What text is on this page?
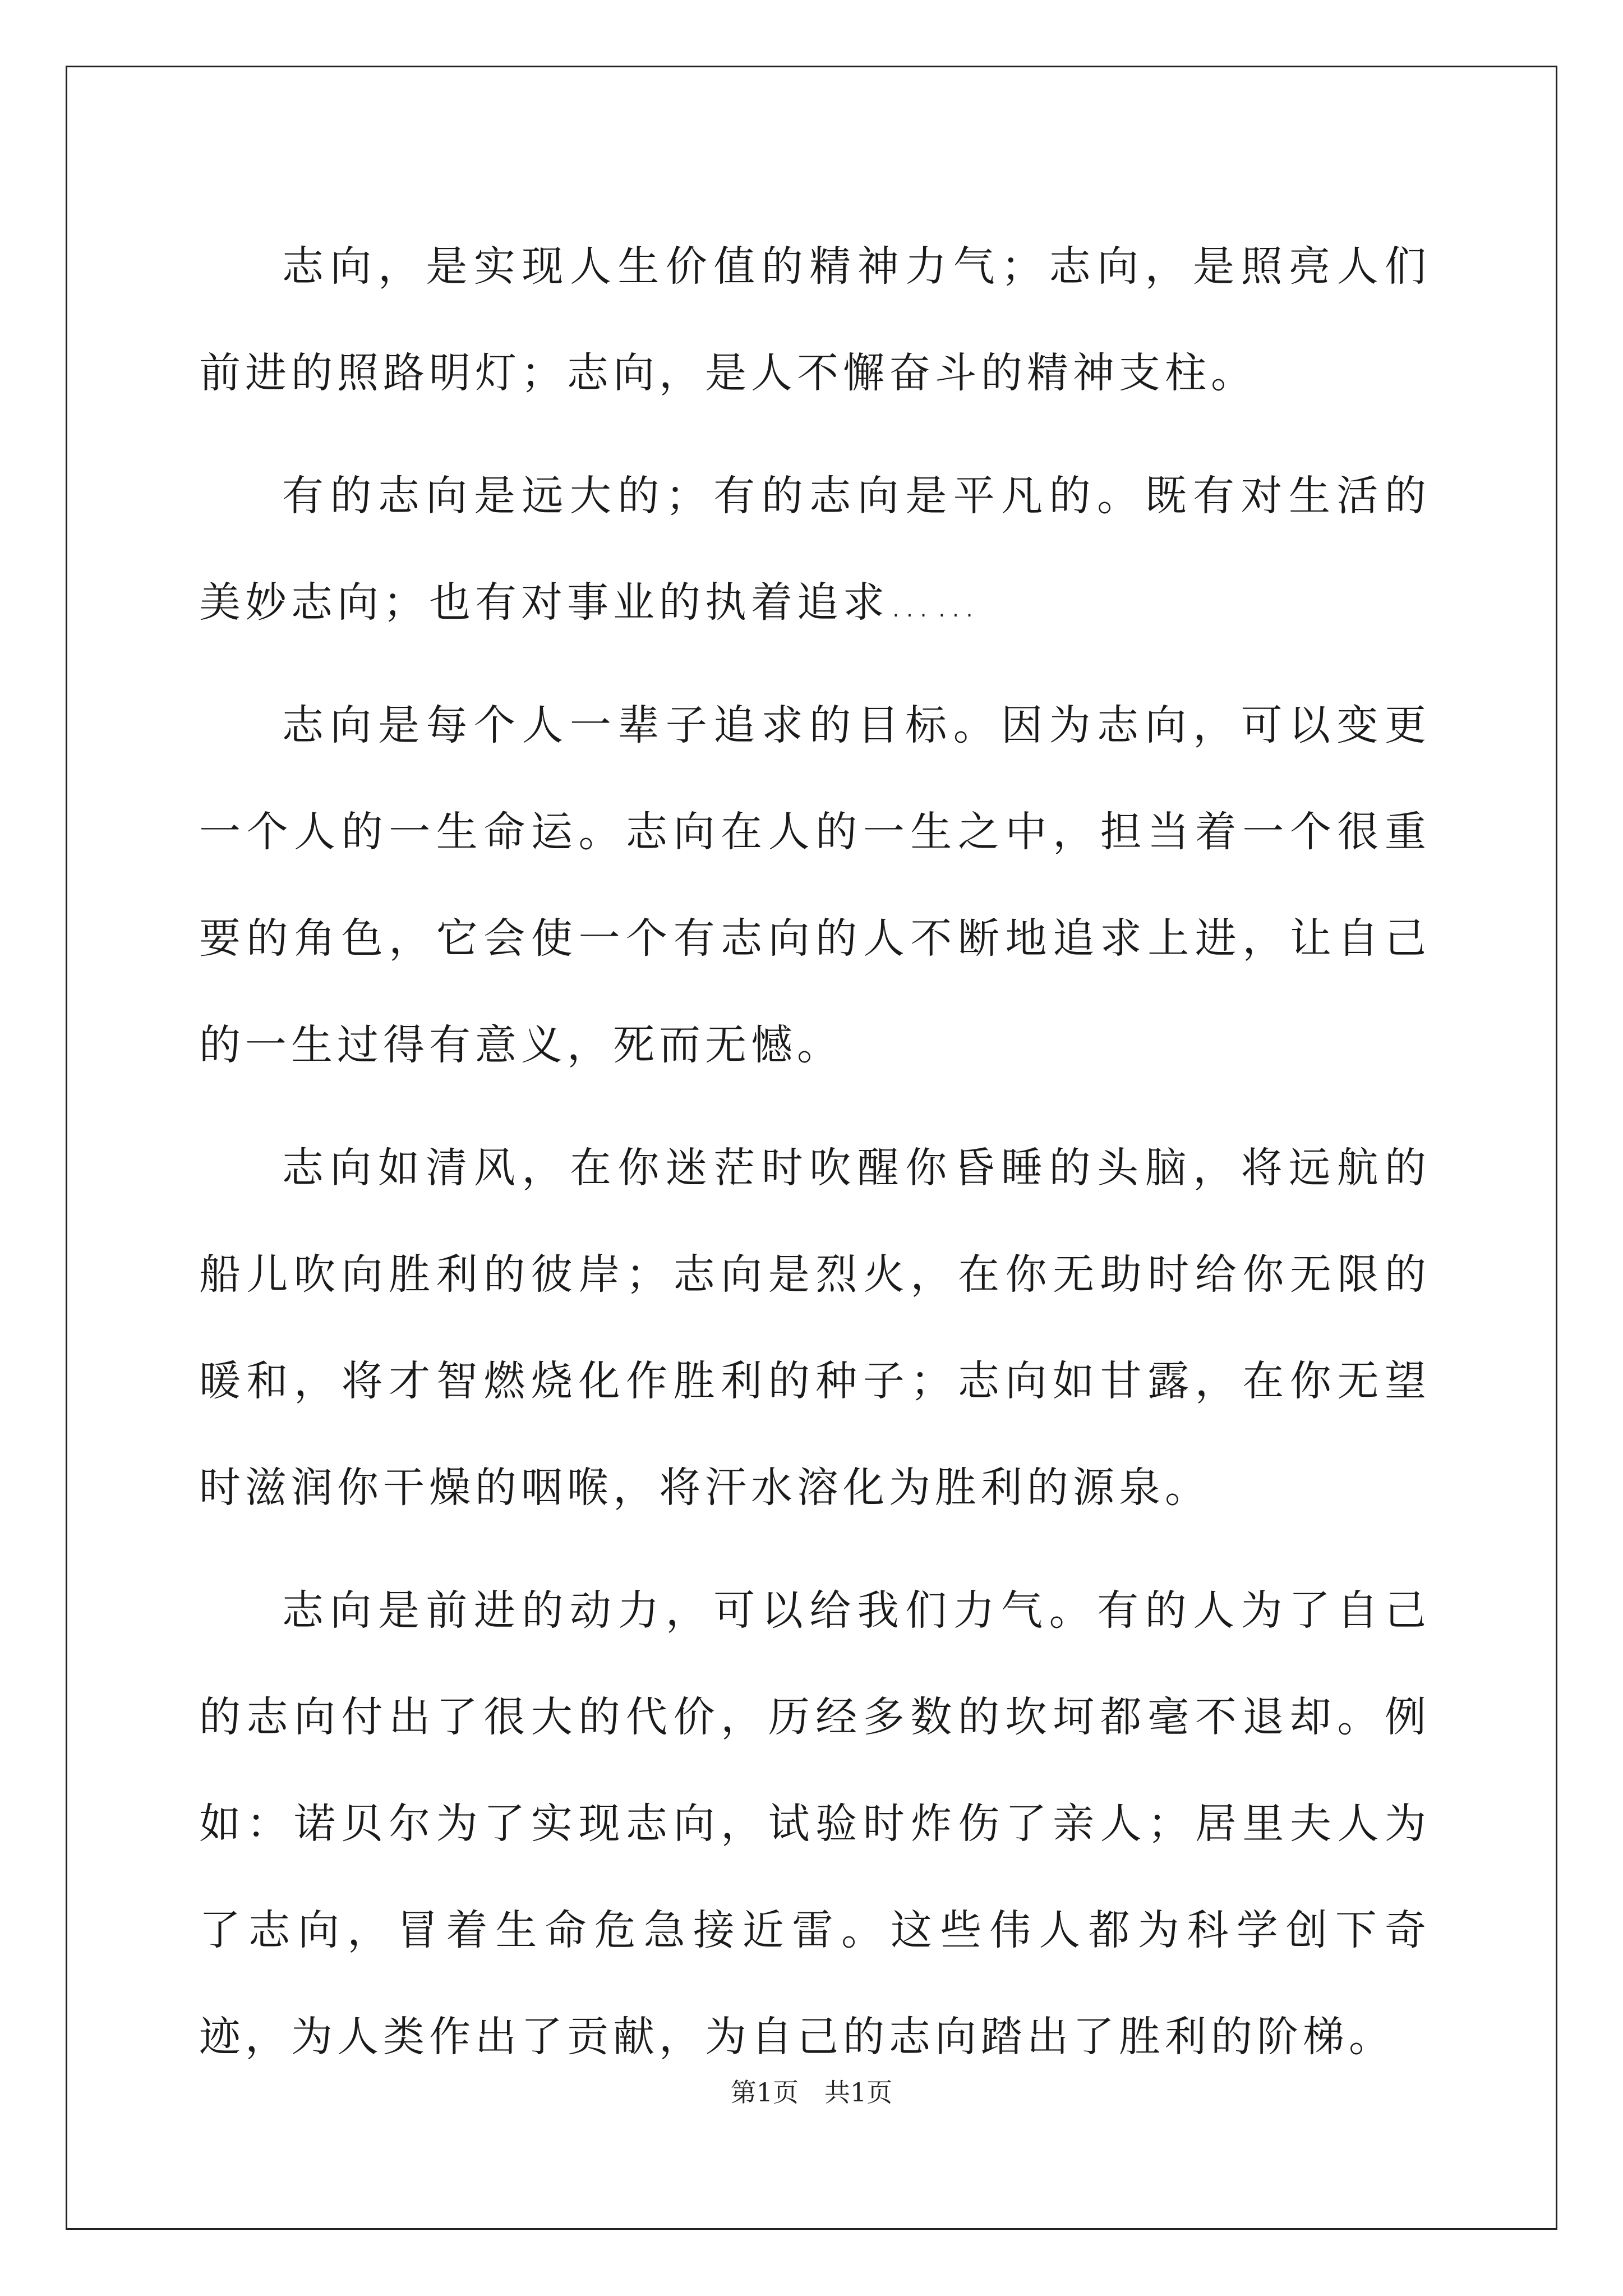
志向，是实现人生价值的精神力气；志向，是照亮人们前进的照路明灯；志向，是人不懈奋斗的精神支柱。

有的志向是远大的；有的志向是平凡的。既有对生活的美妙志向；也有对事业的执着追求……

志向是每个人一辈子追求的目标。因为志向，可以变更一个人的一生命运。志向在人的一生之中，担当着一个很重要的角色，它会使一个有志向的人不断地追求上进，让自己的一生过得有意义，死而无憾。

志向如清风，在你迷茫时吹醒你昏睡的头脑，将远航的船儿吹向胜利的彼岸；志向是烈火，在你无助时给你无限的暖和，将才智燃烧化作胜利的种子；志向如甘露，在你无望时滋润你干燥的咽喉，将汗水溶化为胜利的源泉。

志向是前进的动力，可以给我们力气。有的人为了自己的志向付出了很大的代价，历经多数的坎坷都毫不退却。例如：诺贝尔为了实现志向，试验时炸伤了亲人；居里夫人为了志向，冒着生命危急接近雷。这些伟人都为科学创下奇迹，为人类作出了贡献，为自己的志向踏出了胜利的阶梯。

第1页　共1页
